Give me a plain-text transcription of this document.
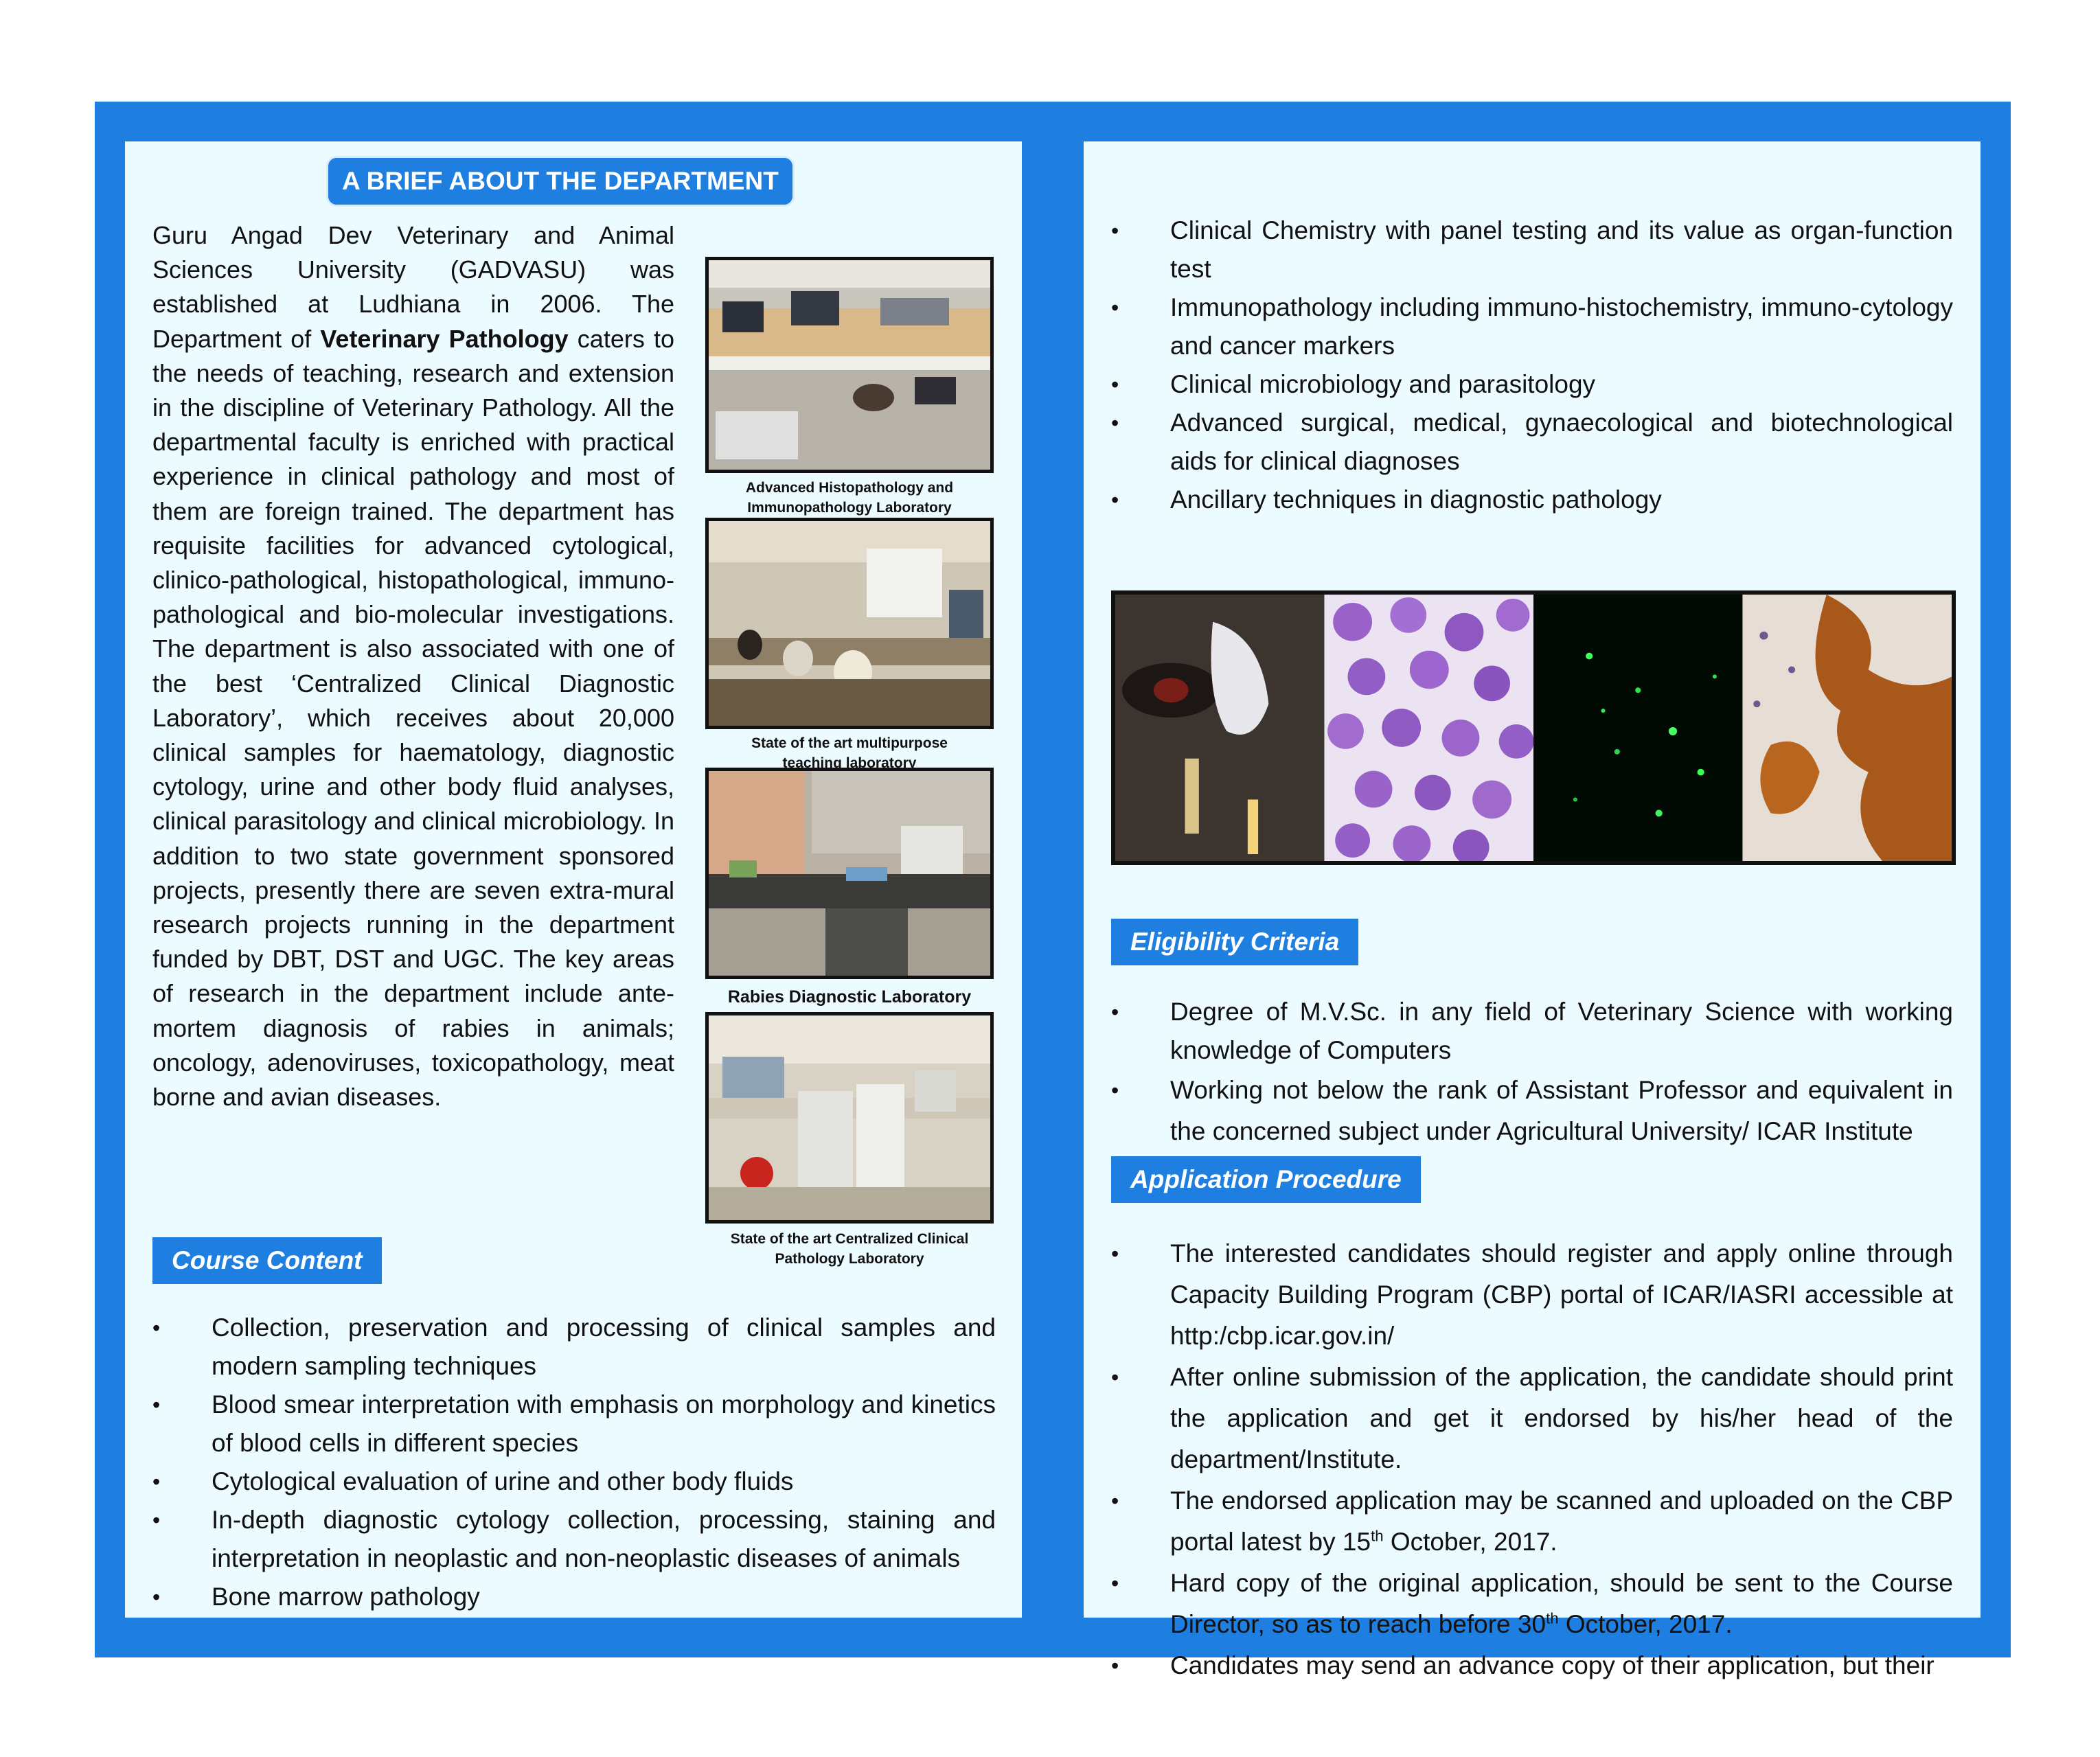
A BRIEF ABOUT THE DEPARTMENT

Guru Angad Dev Veterinary and Animal Sciences University (GADVASU) was established at Ludhiana in 2006. The Department of Veterinary Pathology caters to the needs of teaching, research and extension in the discipline of Veterinary Pathology. All the departmental faculty is enriched with practical experience in clinical pathology and most of them are foreign trained. The department has requisite facilities for advanced cytological, clinico-pathological, histopathological, immuno-pathological and bio-molecular investigations. The department is also associated with one of the best ‘Centralized Clinical Diagnostic Laboratory’, which receives about 20,000 clinical samples for haematology, diagnostic cytology, urine and other body fluid analyses, clinical parasitology and clinical microbiology. In addition to two state government sponsored projects, presently there are seven extra-mural research projects running in the department funded by DBT, DST and UGC. The key areas of research in the department include ante-mortem diagnosis of rabies in animals; oncology, adenoviruses, toxicopathology, meat borne and avian diseases.

Advanced Histopathology and
Immunopathology Laboratory
State of the art multipurpose
teaching laboratory
Rabies Diagnostic Laboratory
State of the art Centralized Clinical
Pathology Laboratory
Course Content
• Collection, preservation and processing of clinical samples and modern sampling techniques
• Blood smear interpretation with emphasis on morphology and kinetics of blood cells in different species
• Cytological evaluation of urine and other body fluids
• In-depth diagnostic cytology collection, processing, staining and interpretation in neoplastic and non-neoplastic diseases of animals
• Bone marrow pathology
• Clinical Chemistry with panel testing and its value as organ-function test
• Immunopathology including immuno-histochemistry, immuno-cytology and cancer markers
• Clinical microbiology and parasitology
• Advanced surgical, medical, gynaecological and biotechnological aids for clinical diagnoses
• Ancillary techniques in diagnostic pathology
Eligibility Criteria
• Degree of M.V.Sc. in any field of Veterinary Science with working knowledge of Computers
• Working not below the rank of Assistant Professor and equivalent in the concerned subject under Agricultural University/ ICAR Institute
Application Procedure
• The interested candidates should register and apply online through Capacity Building Program (CBP) portal of ICAR/IASRI accessible at http:/cbp.icar.gov.in/
• After online submission of the application, the candidate should print the application and get it endorsed by his/her head of the department/Institute.
• The endorsed application may be scanned and uploaded on the CBP portal latest by 15th October, 2017.
• Hard copy of the original application, should be sent to the Course Director, so as to reach before 30th October, 2017.
• Candidates may send an advance copy of their application, but their
